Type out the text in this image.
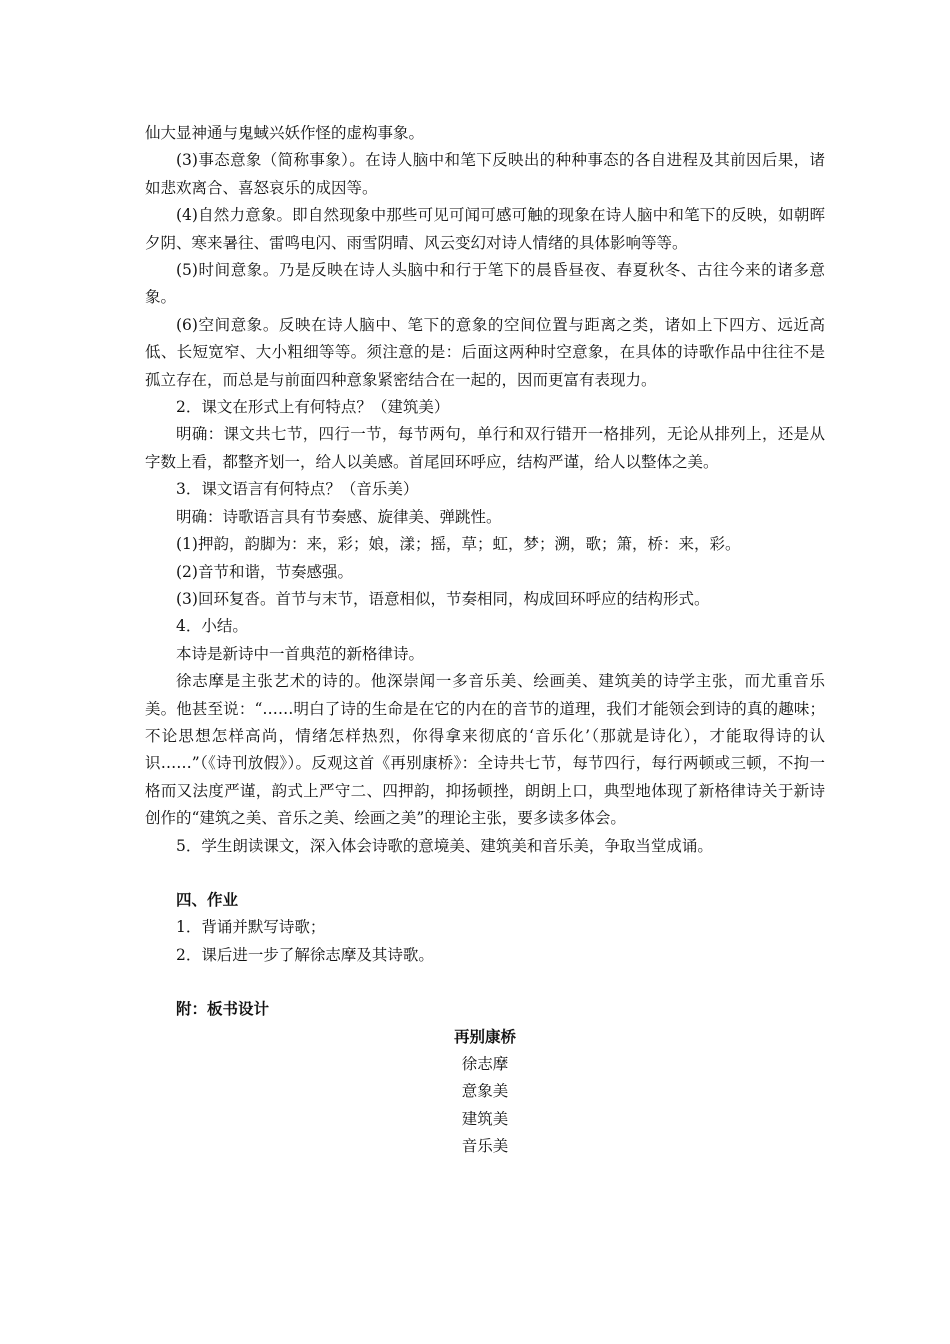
仙大显神通与鬼蜮兴妖作怪的虚构事象。

(3)事态意象（简称事象）。在诗人脑中和笔下反映出的种种事态的各自进程及其前因后果，诸如悲欢离合、喜怒哀乐的成因等。

(4)自然力意象。即自然现象中那些可见可闻可感可触的现象在诗人脑中和笔下的反映，如朝晖夕阴、寒来暑往、雷鸣电闪、雨雪阴晴、风云变幻对诗人情绪的具体影响等等。

(5)时间意象。乃是反映在诗人头脑中和行于笔下的晨昏昼夜、春夏秋冬、古往今来的诸多意象。

(6)空间意象。反映在诗人脑中、笔下的意象的空间位置与距离之类，诸如上下四方、远近高低、长短宽窄、大小粗细等等。须注意的是：后面这两种时空意象，在具体的诗歌作品中往往不是孤立存在，而总是与前面四种意象紧密结合在一起的，因而更富有表现力。

2．课文在形式上有何特点？（建筑美）

明确：课文共七节，四行一节，每节两句，单行和双行错开一格排列，无论从排列上，还是从字数上看，都整齐划一，给人以美感。首尾回环呼应，结构严谨，给人以整体之美。

3．课文语言有何特点？（音乐美）

明确：诗歌语言具有节奏感、旋律美、弹跳性。

(1)押韵，韵脚为：来，彩；娘，漾；摇，草；虹，梦；溯，歌；箫，桥：来，彩。

(2)音节和谐，节奏感强。

(3)回环复沓。首节与末节，语意相似，节奏相同，构成回环呼应的结构形式。

4．小结。

本诗是新诗中一首典范的新格律诗。

徐志摩是主张艺术的诗的。他深崇闻一多音乐美、绘画美、建筑美的诗学主张，而尤重音乐美。他甚至说：“……明白了诗的生命是在它的内在的音节的道理，我们才能领会到诗的真的趣味；不论思想怎样高尚，情绪怎样热烈，你得拿来彻底的‘音乐化’（那就是诗化），才能取得诗的认识……”（《诗刊放假》）。反观这首《再别康桥》：全诗共七节，每节四行，每行两顿或三顿，不拘一格而又法度严谨，韵式上严守二、四押韵，抑扬顿挫，朗朗上口，典型地体现了新格律诗关于新诗创作的“建筑之美、音乐之美、绘画之美”的理论主张，要多读多体会。

5．学生朗读课文，深入体会诗歌的意境美、建筑美和音乐美，争取当堂成诵。

四、作业

1．背诵并默写诗歌；

2．课后进一步了解徐志摩及其诗歌。

附：板书设计

再别康桥

徐志摩

意象美

建筑美

音乐美
